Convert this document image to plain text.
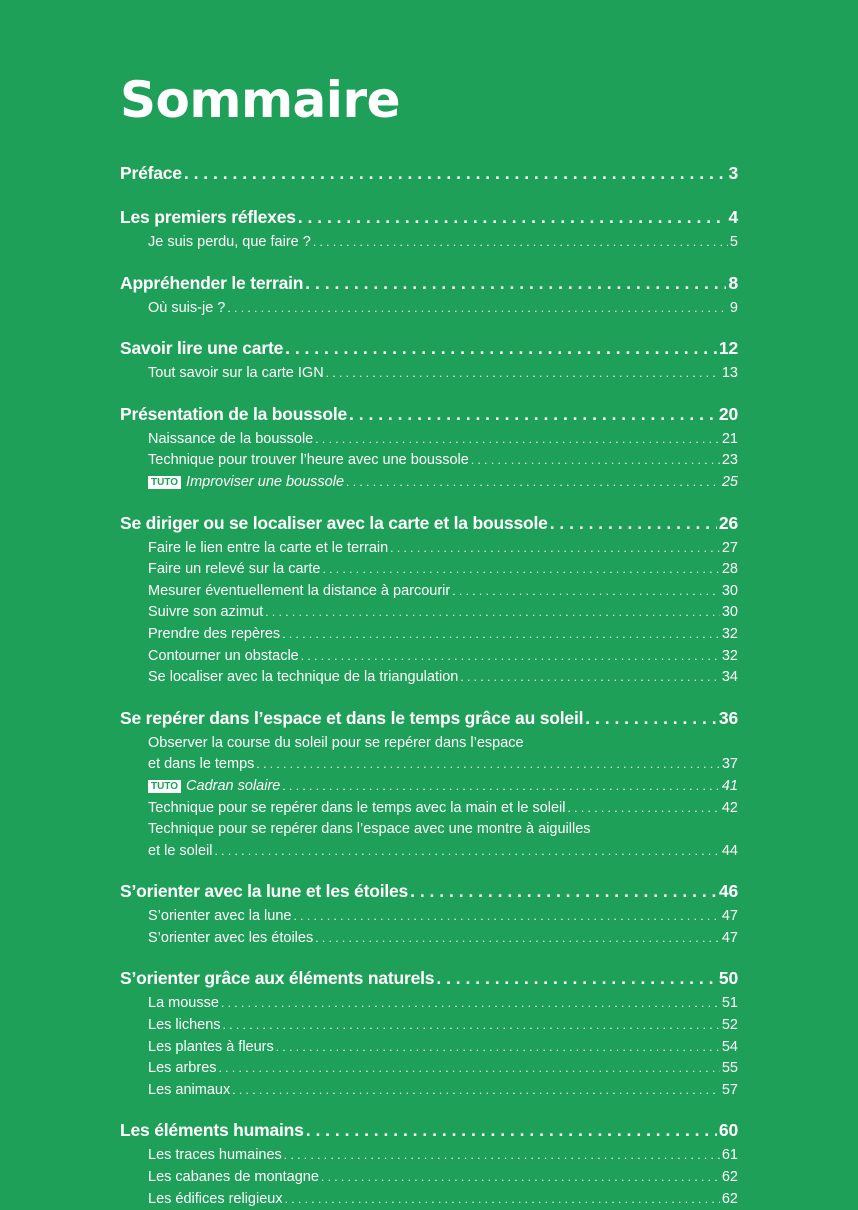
Sommaire
Préface . . .	3
Les premiers réflexes . . .	4
Je suis perdu, que faire ? . . .	5
Appréhender le terrain . . .	8
Où suis-je ? . . .	9
Savoir lire une carte . . .	12
Tout savoir sur la carte IGN . . .	13
Présentation de la boussole . . .	20
Naissance de la boussole . . .	21
Technique pour trouver l’heure avec une boussole . . .	23
TUTO Improviser une boussole . . .	25
Se diriger ou se localiser avec la carte et la boussole . . .	26
Faire le lien entre la carte et le terrain . . .	27
Faire un relevé sur la carte . . .	28
Mesurer éventuellement la distance à parcourir . . .	30
Suivre son azimut . . .	30
Prendre des repères . . .	32
Contourner un obstacle . . .	32
Se localiser avec la technique de la triangulation . . .	34
Se repérer dans l’espace et dans le temps grâce au soleil . . .	36
Observer la course du soleil pour se repérer dans l’espace
et dans le temps . . .	37
TUTO Cadran solaire . . .	41
Technique pour se repérer dans le temps avec la main et le soleil . . .	42
Technique pour se repérer dans l’espace avec une montre à aiguilles
et le soleil . . .	44
S’orienter avec la lune et les étoiles . . .	46
S’orienter avec la lune . . .	47
S’orienter avec les étoiles . . .	47
S’orienter grâce aux éléments naturels . . .	50
La mousse . . .	51
Les lichens . . .	52
Les plantes à fleurs . . .	54
Les arbres . . .	55
Les animaux . . .	57
Les éléments humains . . .	60
Les traces humaines . . .	61
Les cabanes de montagne . . .	62
Les édifices religieux . . .	62
